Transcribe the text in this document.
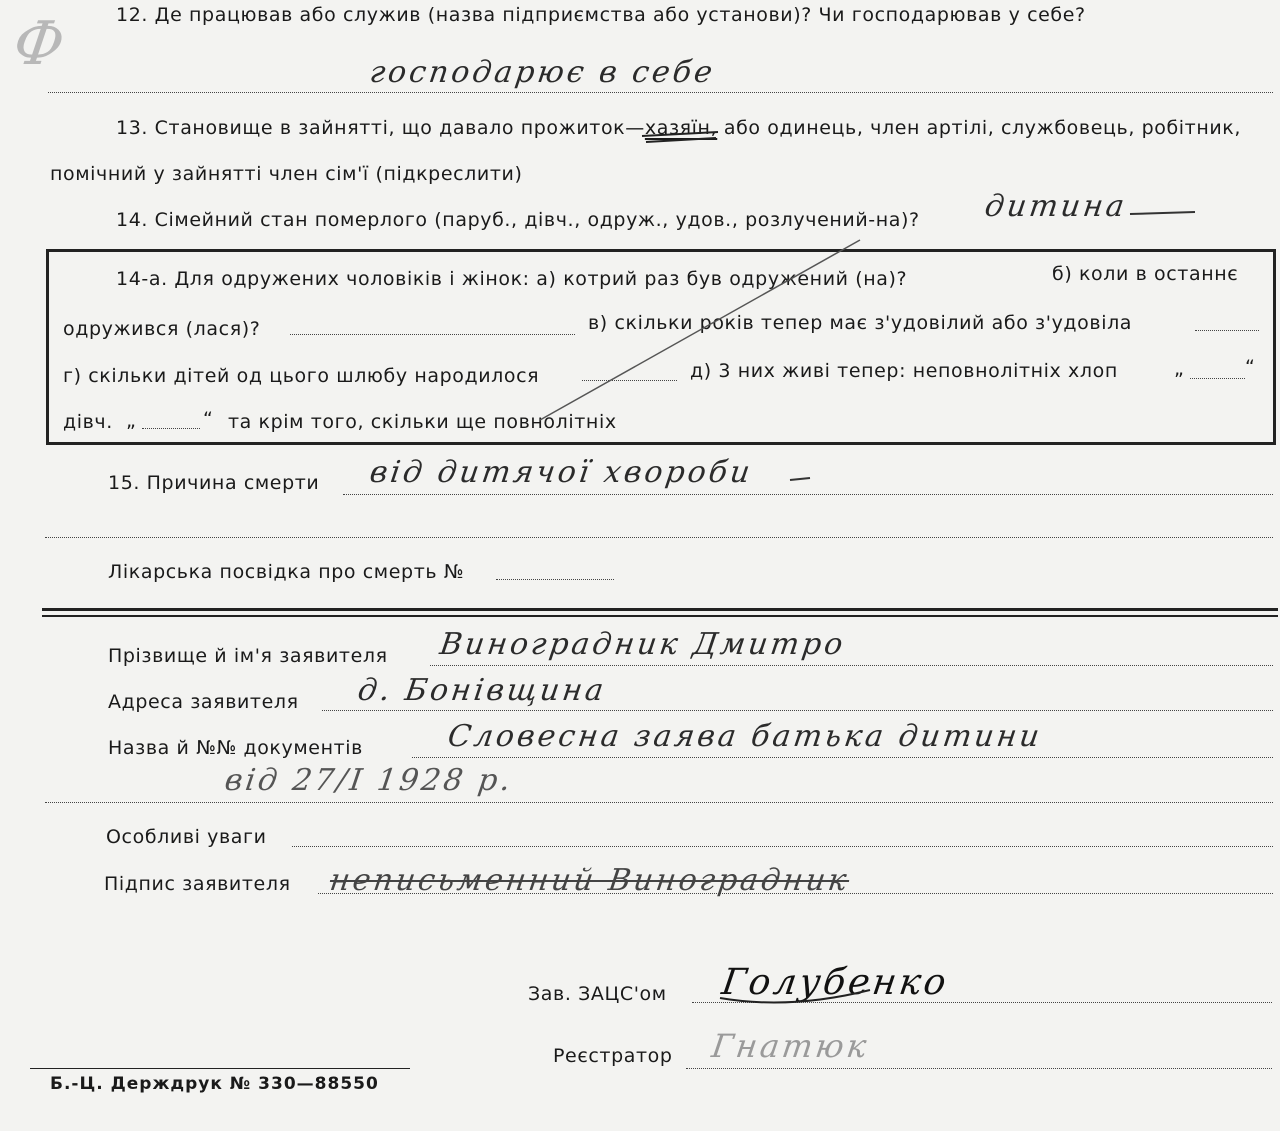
Ф 12. Де працював або служив (назва підприємства або установи)? Чи господарював у себе?
господарює в себе
13. Становище в зайнятті, що давало прожиток—хазяїн, або одинець, член артілі, службовець, робітник,
помічний у зайнятті член сім'ї (підкреслити)
14. Сімейний стан померлого (паруб., дівч., одруж., удов., розлучений-на)? дитина
14-а. Для одружених чоловіків і жінок: а) котрий раз був одружений (на)?	б) коли в останнє
одружився (лася)?	в) скільки років тепер має з'удовілий або з'удовіла
г) скільки дітей од цього шлюбу народилося	д) 3 них живі тепер: неповнолітніх хлоп	„	“
дівч. „	“ та крім того, скільки ще повнолітніх
15. Причина смерти від дитячої хвороби
Лікарська посвідка про смерть №
Прізвище й ім'я заявителя Виноградник Дмитро
Адреса заявителя д. Бонівщина
Назва й №№ документів	Словесна заява батька дитини
від 27/І 1928 р.
Особливі уваги
Підпис заявителя неписьменний Виноградник
Зав. ЗАЦС'ом Голубенко
Реєстратор Гнатюк
Б.-Ц. Держдрук № 330—88550
